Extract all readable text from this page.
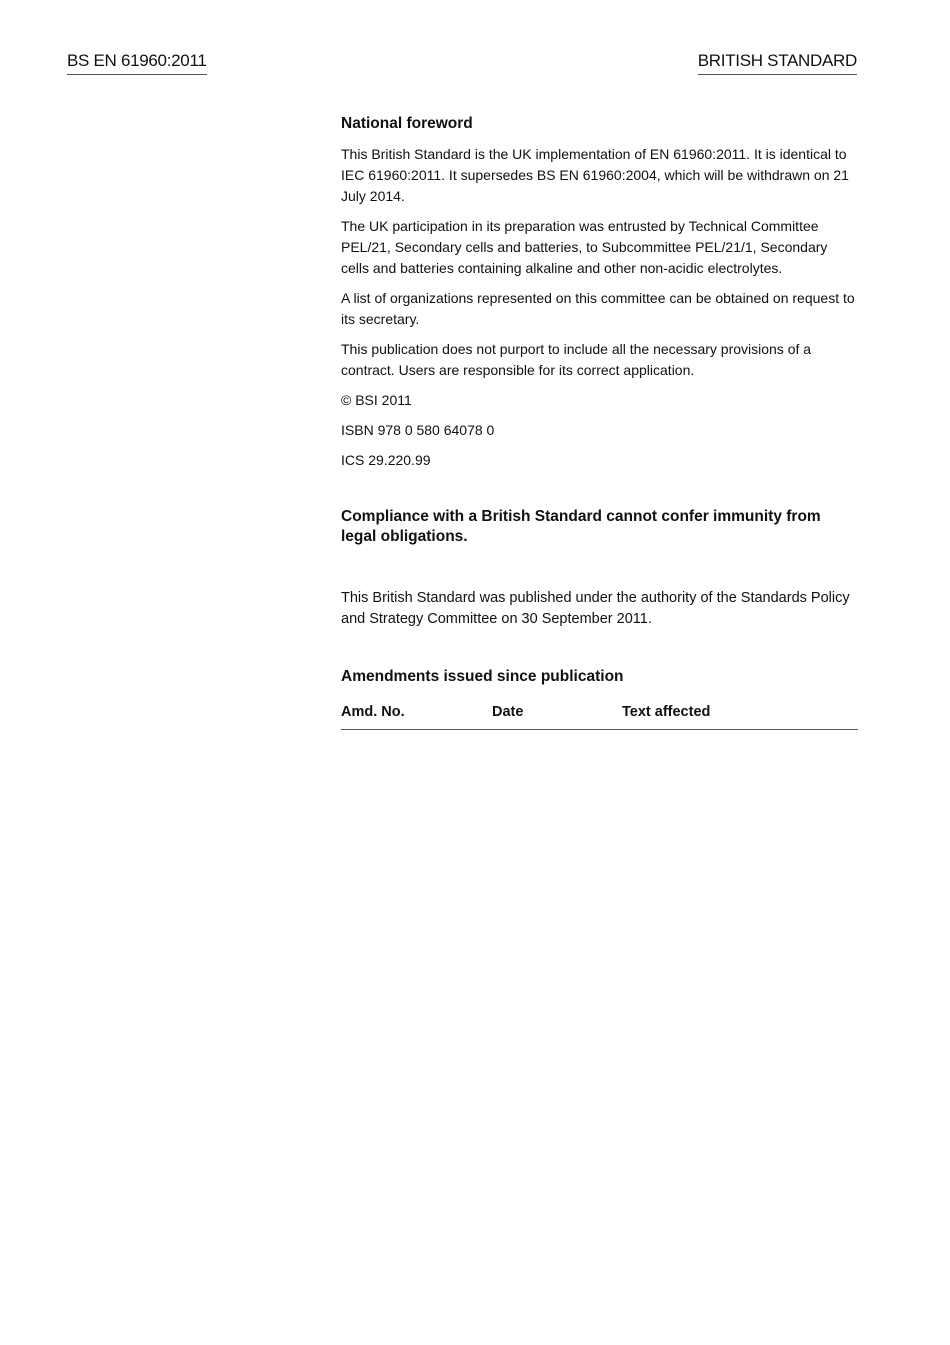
BS EN 61960:2011	BRITISH STANDARD
National foreword

This British Standard is the UK implementation of EN 61960:2011. It is identical to IEC 61960:2011. It supersedes BS EN 61960:2004, which will be withdrawn on 21 July 2014.

The UK participation in its preparation was entrusted by Technical Committee PEL/21, Secondary cells and batteries, to Subcommittee PEL/21/1, Secondary cells and batteries containing alkaline and other non-acidic electrolytes.

A list of organizations represented on this committee can be obtained on request to its secretary.

This publication does not purport to include all the necessary provisions of a contract. Users are responsible for its correct application.

© BSI 2011

ISBN 978 0 580 64078 0

ICS 29.220.99

Compliance with a British Standard cannot confer immunity from legal obligations.

This British Standard was published under the authority of the Standards Policy and Strategy Committee on 30 September 2011.

Amendments issued since publication
Amd. No.	Date	Text affected
